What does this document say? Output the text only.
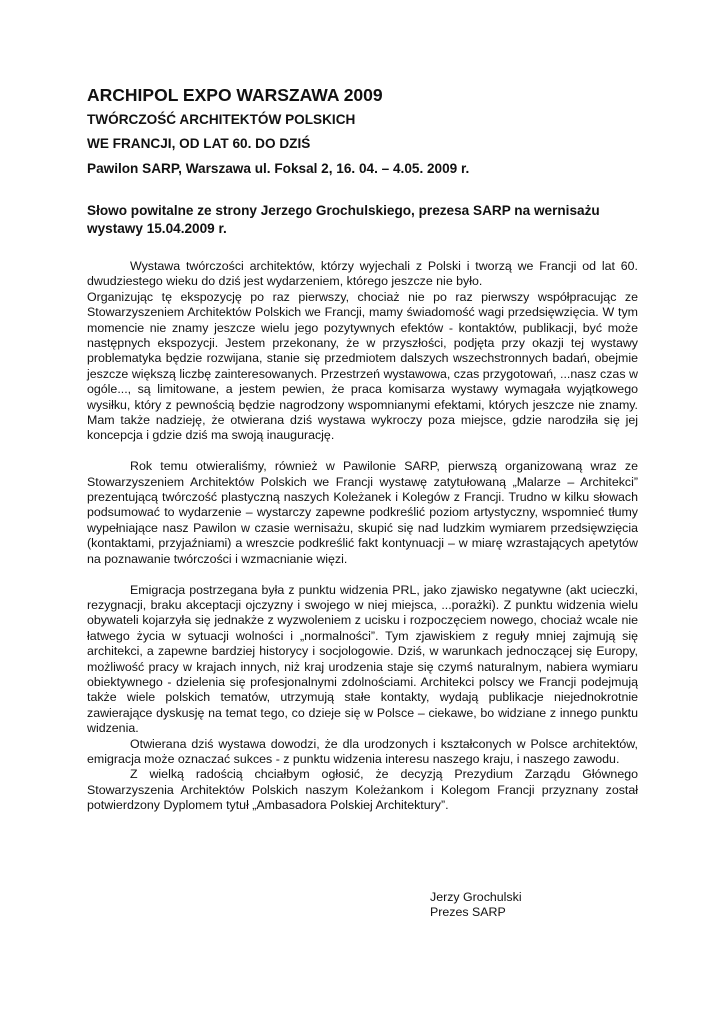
ARCHIPOL EXPO WARSZAWA 2009
TWÓRCZOŚĆ ARCHITEKTÓW POLSKICH
WE FRANCJI, OD LAT 60. DO DZIŚ
Pawilon SARP, Warszawa ul. Foksal 2, 16. 04. – 4.05. 2009 r.
Słowo powitalne ze strony Jerzego Grochulskiego, prezesa SARP na wernisażu wystawy 15.04.2009 r.

Wystawa twórczości architektów, którzy wyjechali z Polski i tworzą we Francji od lat 60. dwudziestego wieku do dziś jest wydarzeniem, którego jeszcze nie było.

Organizując tę ekspozycję po raz pierwszy, chociaż nie po raz pierwszy współpracując ze Stowarzyszeniem Architektów Polskich we Francji, mamy świadomość wagi przedsięwzięcia. W tym momencie nie znamy jeszcze wielu jego pozytywnych efektów - kontaktów, publikacji, być może następnych ekspozycji. Jestem przekonany, że w przyszłości, podjęta przy okazji tej wystawy problematyka będzie rozwijana, stanie się przedmiotem dalszych wszechstronnych badań, obejmie jeszcze większą liczbę zainteresowanych. Przestrzeń wystawowa, czas przygotowań, ...nasz czas w ogóle..., są limitowane, a jestem pewien, że praca komisarza wystawy wymagała wyjątkowego wysiłku, który z pewnością będzie nagrodzony wspomnianymi efektami, których jeszcze nie znamy. Mam także nadzieję, że otwierana dziś wystawa wykroczy poza miejsce, gdzie narodziła się jej koncepcja i gdzie dziś ma swoją inaugurację.

Rok temu otwieraliśmy, również w Pawilonie SARP, pierwszą organizowaną wraz ze Stowarzyszeniem Architektów Polskich we Francji wystawę zatytułowaną „Malarze – Architekci” prezentującą twórczość plastyczną naszych Koleżanek i Kolegów z Francji. Trudno w kilku słowach podsumować to wydarzenie – wystarczy zapewne podkreślić poziom artystyczny, wspomnieć tłumy wypełniające nasz Pawilon w czasie wernisażu, skupić się nad ludzkim wymiarem przedsięwzięcia (kontaktami, przyjaźniami) a wreszcie podkreślić fakt kontynuacji – w miarę wzrastających apetytów na poznawanie twórczości i wzmacnianie więzi.

Emigracja postrzegana była z punktu widzenia PRL, jako zjawisko negatywne (akt ucieczki, rezygnacji, braku akceptacji ojczyzny i swojego w niej miejsca, ...porażki). Z punktu widzenia wielu obywateli kojarzyła się jednakże z wyzwoleniem z ucisku i rozpoczęciem nowego, chociaż wcale nie łatwego życia w sytuacji wolności i „normalności”. Tym zjawiskiem z reguły mniej zajmują się architekci, a zapewne bardziej historycy i socjologowie. Dziś, w warunkach jednoczącej się Europy, możliwość pracy w krajach innych, niż kraj urodzenia staje się czymś naturalnym, nabiera wymiaru obiektywnego - dzielenia się profesjonalnymi zdolnościami. Architekci polscy we Francji podejmują także wiele polskich tematów, utrzymują stałe kontakty, wydają publikacje niejednokrotnie zawierające dyskusję na temat tego, co dzieje się w Polsce – ciekawe, bo widziane z innego punktu widzenia.

Otwierana dziś wystawa dowodzi, że dla urodzonych i kształconych w Polsce architektów, emigracja może oznaczać sukces - z punktu widzenia interesu naszego kraju, i naszego zawodu.

Z wielką radością chciałbym ogłosić, że decyzją Prezydium Zarządu Głównego Stowarzyszenia Architektów Polskich naszym Koleżankom i Kolegom Francji przyznany został potwierdzony Dyplomem tytuł „Ambasadora Polskiej Architektury”.

Jerzy Grochulski
Prezes SARP
